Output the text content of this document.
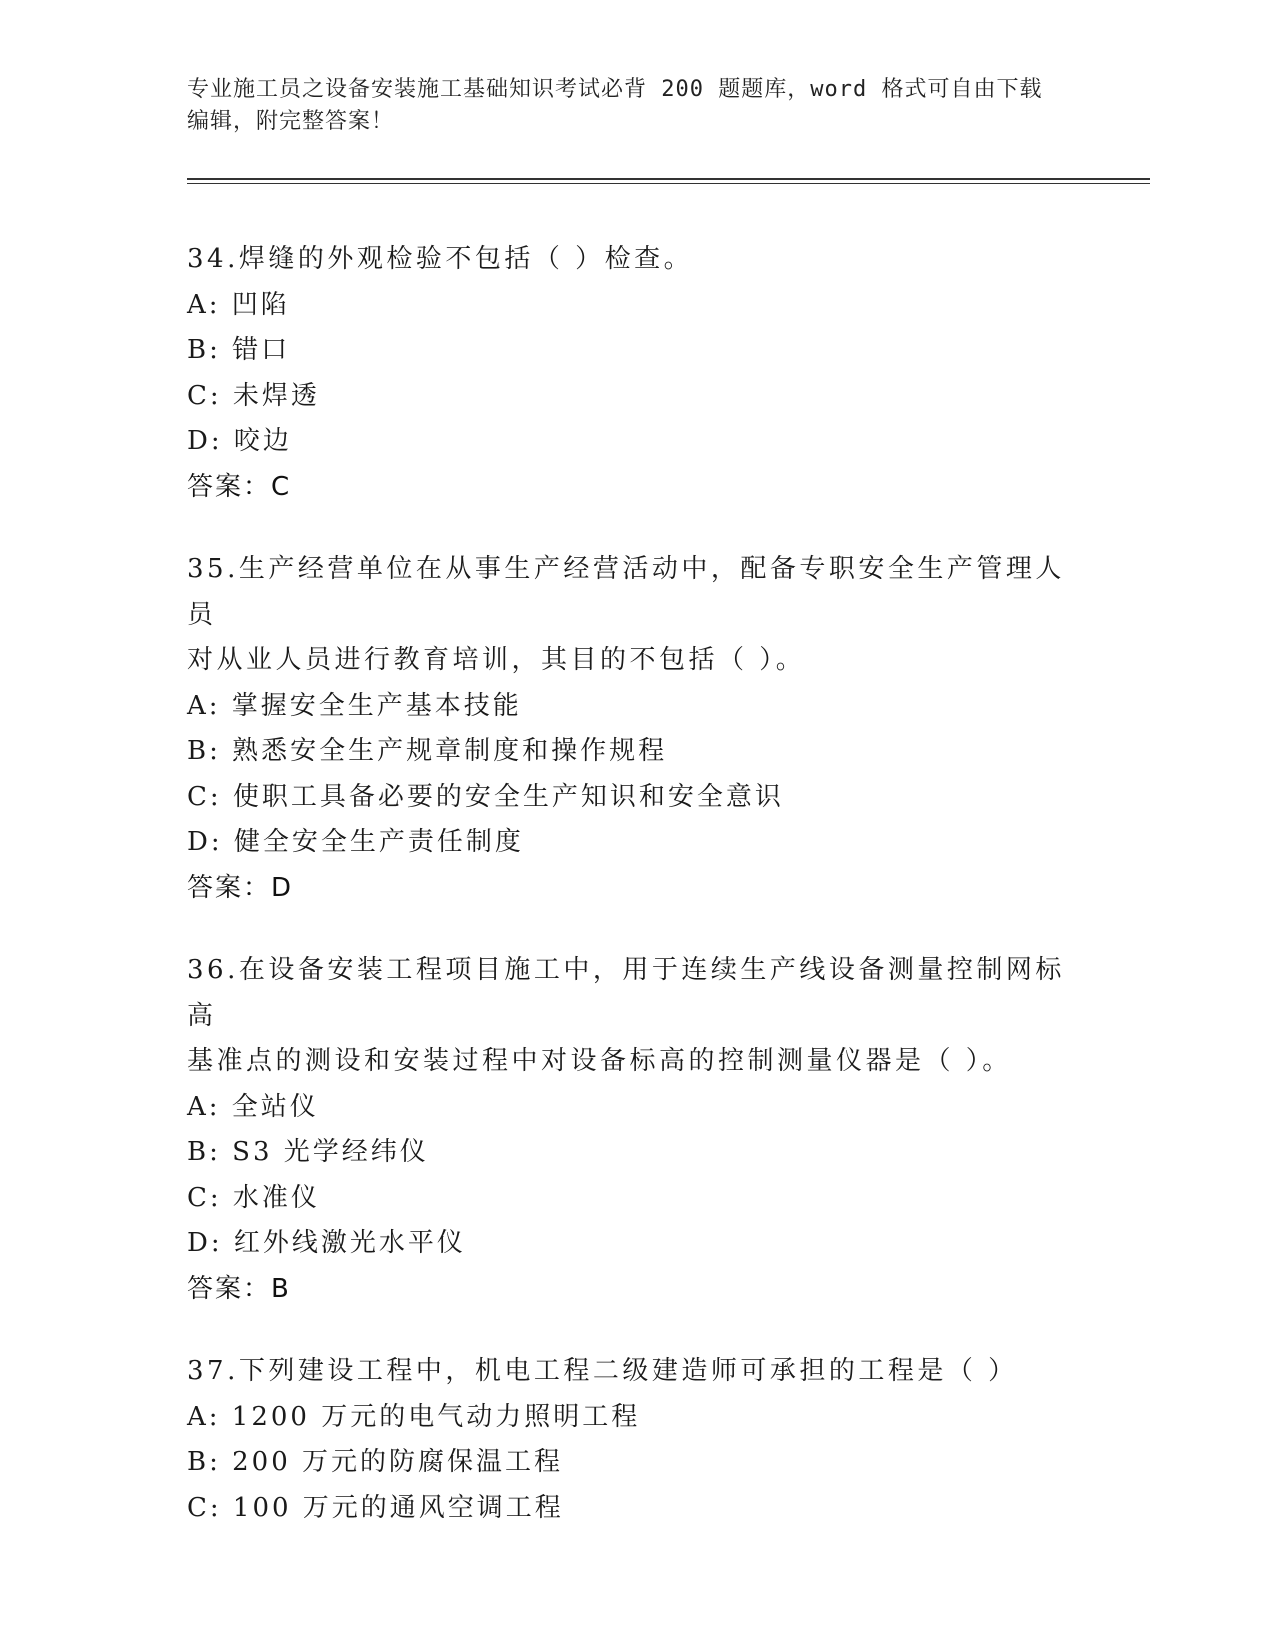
专业施工员之设备安装施工基础知识考试必背 200 题题库，word 格式可自由下载
编辑，附完整答案！

34.焊缝的外观检验不包括（ ）检查。

A: 凹陷

B: 错口

C: 未焊透

D: 咬边

答案：C

35.生产经营单位在从事生产经营活动中，配备专职安全生产管理人员

对从业人员进行教育培训，其目的不包括（ ）。

A: 掌握安全生产基本技能

B: 熟悉安全生产规章制度和操作规程

C: 使职工具备必要的安全生产知识和安全意识

D: 健全安全生产责任制度

答案：D

36.在设备安装工程项目施工中，用于连续生产线设备测量控制网标高

基准点的测设和安装过程中对设备标高的控制测量仪器是（ ）。

A: 全站仪

B: S3 光学经纬仪

C: 水准仪

D: 红外线激光水平仪

答案：B

37.下列建设工程中，机电工程二级建造师可承担的工程是（ ）

A: 1200 万元的电气动力照明工程

B: 200 万元的防腐保温工程

C: 100 万元的通风空调工程
